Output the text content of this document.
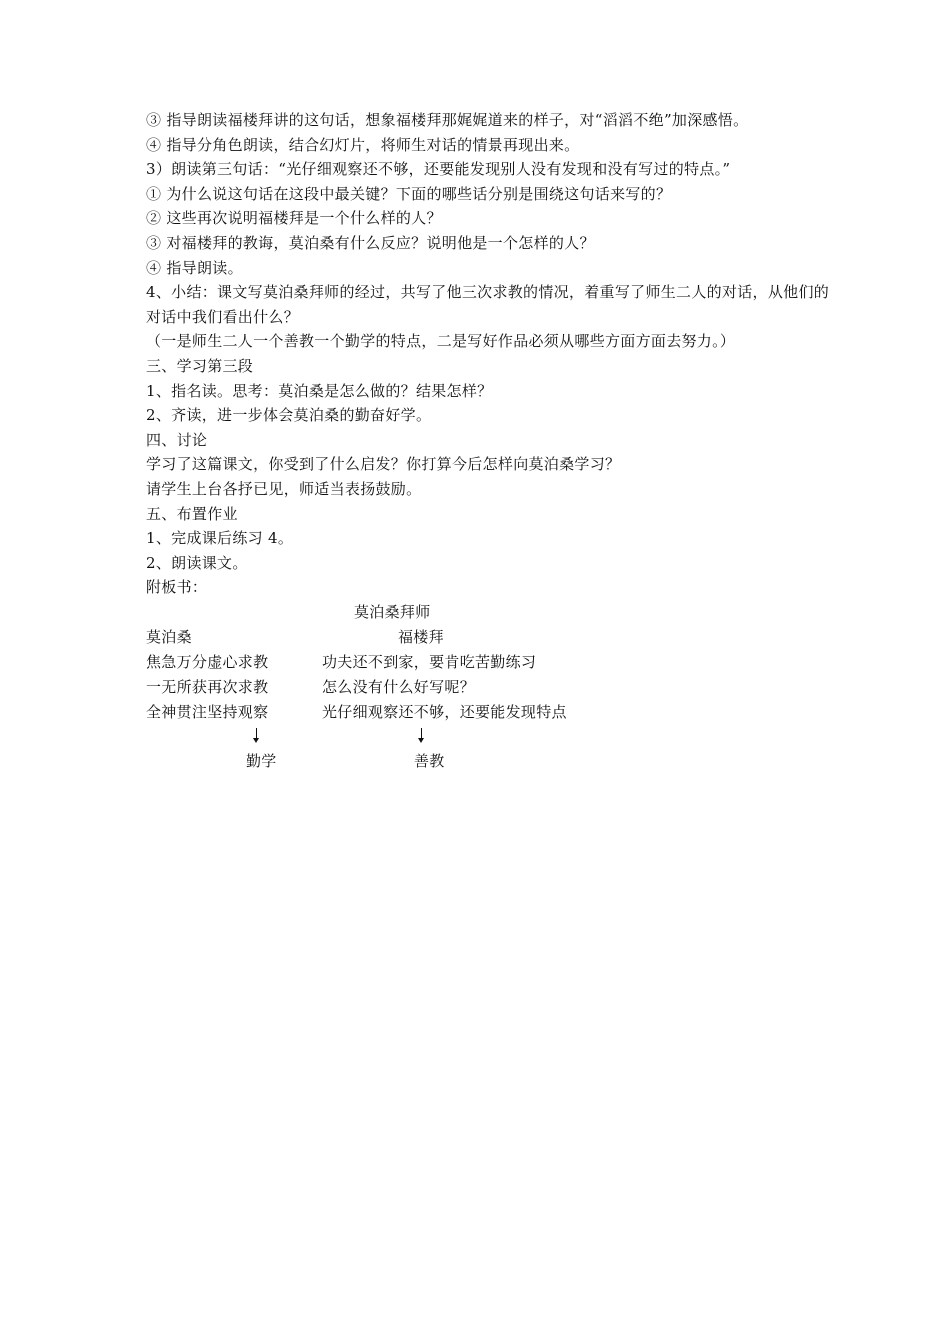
③ 指导朗读福楼拜讲的这句话，想象福楼拜那娓娓道来的样子，对“滔滔不绝”加深感悟。
④ 指导分角色朗读，结合幻灯片，将师生对话的情景再现出来。
3）朗读第三句话：“光仔细观察还不够，还要能发现别人没有发现和没有写过的特点。”
① 为什么说这句话在这段中最关键？下面的哪些话分别是围绕这句话来写的？
② 这些再次说明福楼拜是一个什么样的人？
③ 对福楼拜的教诲，莫泊桑有什么反应？说明他是一个怎样的人？
④ 指导朗读。
4、小结：课文写莫泊桑拜师的经过，共写了他三次求教的情况，着重写了师生二人的对话，从他们的对话中我们看出什么？
（一是师生二人一个善教一个勤学的特点，二是写好作品必须从哪些方面方面去努力。）
三、学习第三段
1、指名读。思考：莫泊桑是怎么做的？结果怎样？
2、齐读，进一步体会莫泊桑的勤奋好学。
四、讨论
学习了这篇课文，你受到了什么启发？你打算今后怎样向莫泊桑学习？
请学生上台各抒已见，师适当表扬鼓励。
五、布置作业
1、完成课后练习 4。
2、朗读课文。
附板书：
莫泊桑拜师
莫泊桑	福楼拜
焦急万分虚心求教	功夫还不到家，要肯吃苦勤练习
一无所获再次求教	怎么没有什么好写呢？
全神贯注坚持观察	光仔细观察还不够，还要能发现特点
勤学	善教
